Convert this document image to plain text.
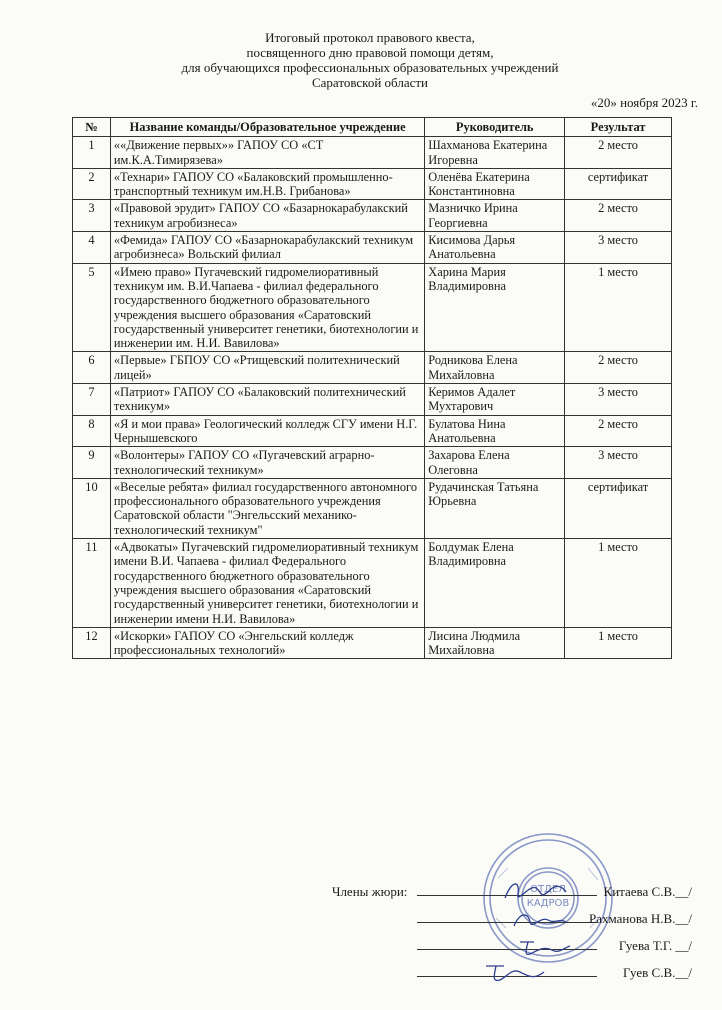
Итоговый протокол правового квеста,
посвященного дню правовой помощи детям,
для обучающихся профессиональных образовательных учреждений
Саратовской области
«20» ноября 2023 г.
№	Название команды/Образовательное учреждение	Руководитель	Результат
1	««Движение первых»» ГАПОУ СО «СТ им.К.А.Тимирязева»	Шахманова Екатерина Игоревна	2 место
2	«Технари» ГАПОУ СО «Балаковский промышленно- транспортный техникум им.Н.В. Грибанова»	Оленёва Екатерина Константиновна	сертификат
3	«Правовой эрудит» ГАПОУ СО «Базарнокарабулакский техникум агробизнеса»	Мазничко Ирина Георгиевна	2 место
4	«Фемида» ГАПОУ СО «Базарнокарабулакский техникум агробизнеса» Вольский филиал	Кисимова Дарья Анатольевна	3 место
5	«Имею право» Пугачевский гидромелиоративный техникум им. В.И.Чапаева - филиал федерального государственного бюджетного образовательного учреждения высшего образования «Саратовский государственный университет генетики, биотехнологии и инженерии им. Н.И. Вавилова»	Харина Мария Владимировна	1 место
6	«Первые» ГБПОУ СО «Ртищевский политехнический лицей»	Родникова Елена Михайловна	2 место
7	«Патриот» ГАПОУ СО «Балаковский политехнический техникум»	Керимов Адалет Мухтарович	3 место
8	«Я и мои права» Геологический колледж СГУ имени Н.Г. Чернышевского	Булатова Нина Анатольевна	2 место
9	«Волонтеры» ГАПОУ СО «Пугачевский аграрно-технологический техникум»	Захарова Елена Олеговна	3 место
10	«Веселые ребята» филиал государственного автономного профессионального образовательного учреждения Саратовской области "Энгельсский механико-технологический техникум"	Рудачинская Татьяна Юрьевна	сертификат
11	«Адвокаты» Пугачевский гидромелиоративный техникум имени В.И. Чапаева - филиал Федерального государственного бюджетного образовательного учреждения высшего образования «Саратовский государственный университет генетики, биотехнологии и инженерии имени Н.И. Вавилова»	Болдумак Елена Владимировна	1 место
12	«Искорки» ГАПОУ СО «Энгельский колледж профессиональных технологий»	Лисина Людмила Михайловна	1 место
ОТДЕЛ
КАДРОВ
Члены жюри:	Китаева С.В.__/
Рахманова Н.В.__/
Гуева Т.Г. __/
Гуев С.В.__/
